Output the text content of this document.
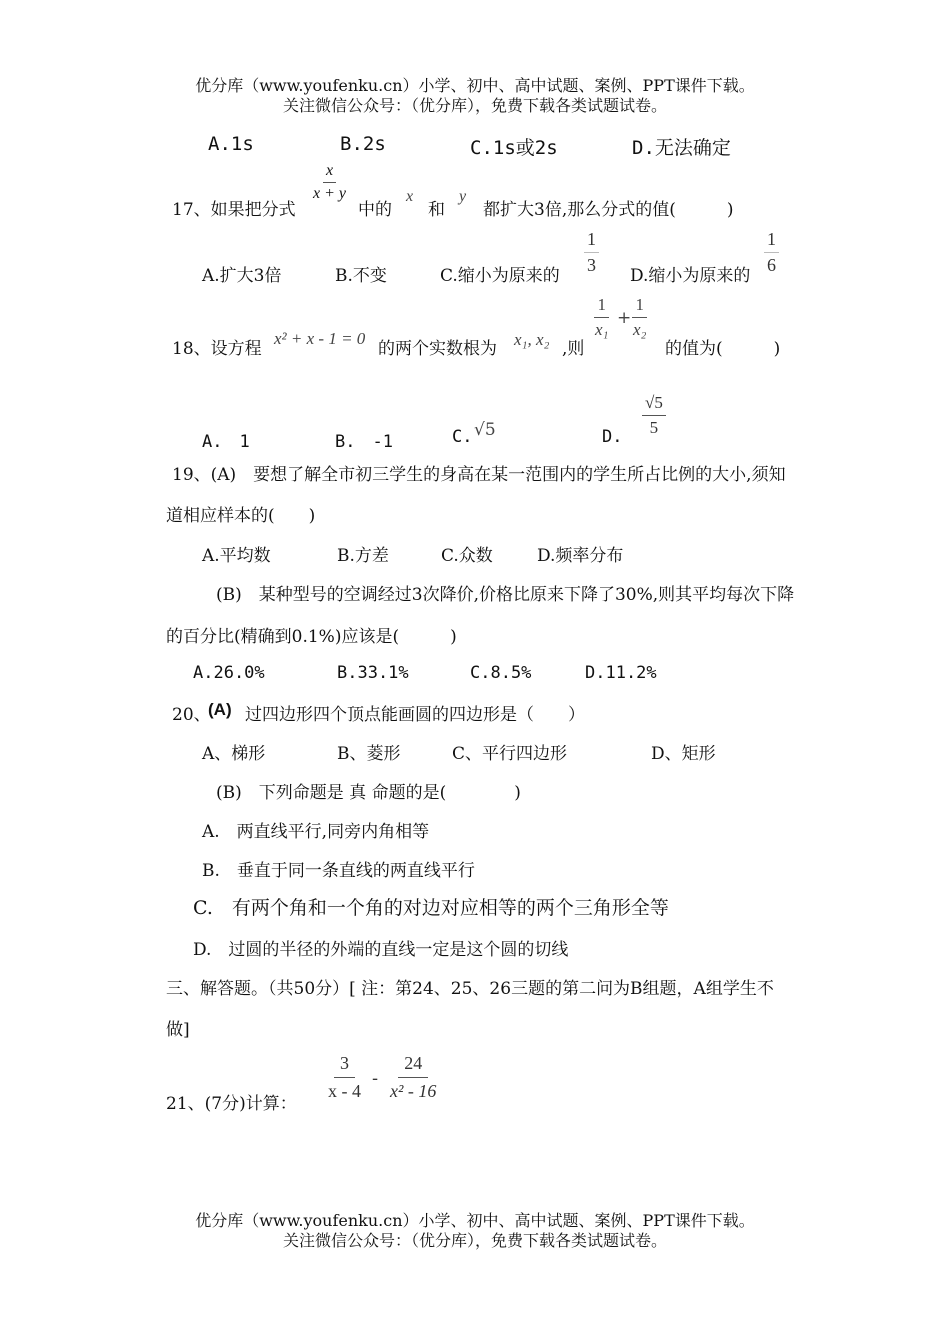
优分库（www.youfenku.cn）小学、初中、高中试题、案例、PPT课件下载。
关注微信公众号：（优分库），免费下载各类试题试卷。
A.1s	B.2s	C.1s或2s	D.无法确定
17、如果把分式
$\frac{x}{x + y}$
中的
x
和
y
都扩大3倍,那么分式的值(　　　)
A.扩大3倍	B.不变	C.缩小为原来的
$\frac{1}{3}$
D.缩小为原来的
$\frac{1}{6}$
18、设方程
x² + x - 1 = 0
的两个实数根为 x₁, x₂ ,则
$\frac{1}{\text{x₁}}$ +
$\frac{1}{\text{x₂}}$
的值为(　　　)
A.　1	B.　-1	C. √5	D. $\frac{√5}{5}$
19、(A)　要想了解全市初三学生的身高在某一范围内的学生所占比例的大小,须知
道相应样本的(　　)
A.平均数	B.方差	C.众数	D.频率分布
(B)　某种型号的空调经过3次降价,价格比原来下降了30%,则其平均每次下降
的百分比(精确到0.1%)应该是(　　　)
A.26.0%	B.33.1%	C.8.5%	D.11.2%
20、
(A) 过四边形四个顶点能画圆的四边形是（　　）
A、梯形	B、菱形	C、平行四边形	D、矩形
(B)　下列命题是 真 命题的是(　　　　)
A.　两直线平行,同旁内角相等
B.　垂直于同一条直线的两直线平行
C.　有两个角和一个角的对边对应相等的两个三角形全等
D.　过圆的半径的外端的直线一定是这个圆的切线
三、解答题。（共50分）[ 注：第24、25、26三题的第二问为B组题，A组学生不
做]
21、(7分)计算：
$\frac{3}{x - 4} - \frac{24}{\text{x² - 16}}$
优分库（www.youfenku.cn）小学、初中、高中试题、案例、PPT课件下载。
关注微信公众号：（优分库），免费下载各类试题试卷。
